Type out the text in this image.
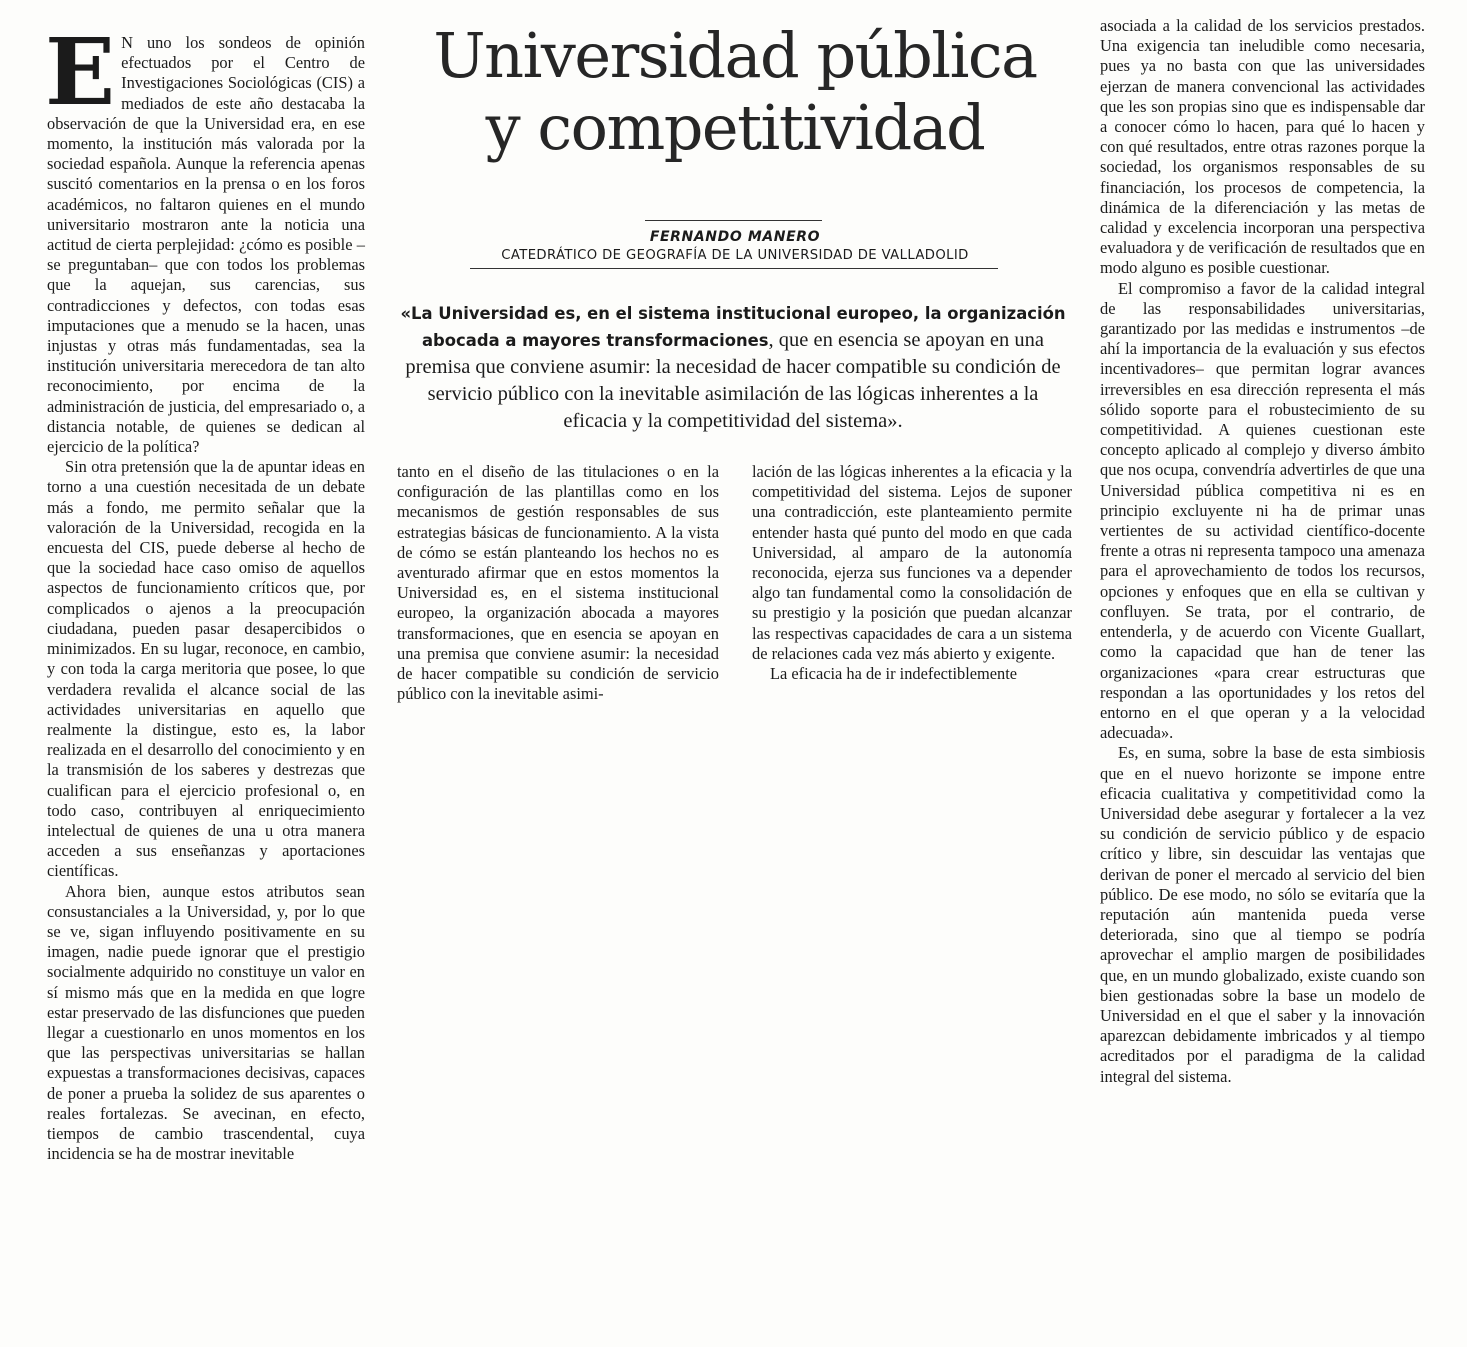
Universidad pública
y competitividad
FERNANDO MANERO
CATEDRÁTICO DE GEOGRAFÍA DE LA UNIVERSIDAD DE VALLADOLID
«La Universidad es, en el sistema institucional europeo, la organización abocada a mayores transformaciones, que en esencia se apoyan en una premisa que conviene asumir: la necesidad de hacer compatible su condición de servicio público con la inevitable asimilación de las lógicas inherentes a la eficacia y la competitividad del sistema».

E N uno los sondeos de opinión efectuados por el Centro de Investigaciones Sociológicas (CIS) a mediados de este año destacaba la observación de que la Universidad era, en ese momento, la institución más valorada por la sociedad española. Aunque la referencia apenas suscitó comentarios en la prensa o en los foros académicos, no faltaron quienes en el mundo universitario mostraron ante la noticia una actitud de cierta perplejidad: ¿cómo es posible –se preguntaban– que con todos los problemas que la aquejan, sus carencias, sus contradicciones y defectos, con todas esas imputaciones que a menudo se la hacen, unas injustas y otras más fundamentadas, sea la institución universitaria merecedora de tan alto reconocimiento, por encima de la administración de justicia, del empresariado o, a distancia notable, de quienes se dedican al ejercicio de la política?

Sin otra pretensión que la de apuntar ideas en torno a una cuestión necesitada de un debate más a fondo, me permito señalar que la valoración de la Universidad, recogida en la encuesta del CIS, puede deberse al hecho de que la sociedad hace caso omiso de aquellos aspectos de funcionamiento críticos que, por complicados o ajenos a la preocupación ciudadana, pueden pasar desapercibidos o minimizados. En su lugar, reconoce, en cambio, y con toda la carga meritoria que posee, lo que verdadera revalida el alcance social de las actividades universitarias en aquello que realmente la distingue, esto es, la labor realizada en el desarrollo del conocimiento y en la transmisión de los saberes y destrezas que cualifican para el ejercicio profesional o, en todo caso, contribuyen al enriquecimiento intelectual de quienes de una u otra manera acceden a sus enseñanzas y aportaciones científicas.

Ahora bien, aunque estos atributos sean consustanciales a la Universidad, y, por lo que se ve, sigan influyendo positivamente en su imagen, nadie puede ignorar que el prestigio socialmente adquirido no constituye un valor en sí mismo más que en la medida en que logre estar preservado de las disfunciones que pueden llegar a cuestionarlo en unos momentos en los que las perspectivas universitarias se hallan expuestas a transformaciones decisivas, capaces de poner a prueba la solidez de sus aparentes o reales fortalezas. Se avecinan, en efecto, tiempos de cambio trascendental, cuya incidencia se ha de mostrar inevitable

tanto en el diseño de las titulaciones o en la configuración de las plantillas como en los mecanismos de gestión responsables de sus estrategias básicas de funcionamiento. A la vista de cómo se están planteando los hechos no es aventurado afirmar que en estos momentos la Universidad es, en el sistema institucional europeo, la organización abocada a mayores transformaciones, que en esencia se apoyan en una premisa que conviene asumir: la necesidad de hacer compatible su condición de servicio público con la inevitable asimi-

lación de las lógicas inherentes a la eficacia y la competitividad del sistema. Lejos de suponer una contradicción, este planteamiento permite entender hasta qué punto del modo en que cada Universidad, al amparo de la autonomía reconocida, ejerza sus funciones va a depender algo tan fundamental como la consolidación de su prestigio y la posición que puedan alcanzar las respectivas capacidades de cara a un sistema de relaciones cada vez más abierto y exigente.

La eficacia ha de ir indefectiblemente

asociada a la calidad de los servicios prestados. Una exigencia tan ineludible como necesaria, pues ya no basta con que las universidades ejerzan de manera convencional las actividades que les son propias sino que es indispensable dar a conocer cómo lo hacen, para qué lo hacen y con qué resultados, entre otras razones porque la sociedad, los organismos responsables de su financiación, los procesos de competencia, la dinámica de la diferenciación y las metas de calidad y excelencia incorporan una perspectiva evaluadora y de verificación de resultados que en modo alguno es posible cuestionar.

El compromiso a favor de la calidad integral de las responsabilidades universitarias, garantizado por las medidas e instrumentos –de ahí la importancia de la evaluación y sus efectos incentivadores– que permitan lograr avances irreversibles en esa dirección representa el más sólido soporte para el robustecimiento de su competitividad. A quienes cuestionan este concepto aplicado al complejo y diverso ámbito que nos ocupa, convendría advertirles de que una Universidad pública competitiva ni es en principio excluyente ni ha de primar unas vertientes de su actividad científico-docente frente a otras ni representa tampoco una amenaza para el aprovechamiento de todos los recursos, opciones y enfoques que en ella se cultivan y confluyen. Se trata, por el contrario, de entenderla, y de acuerdo con Vicente Guallart, como la capacidad que han de tener las organizaciones «para crear estructuras que respondan a las oportunidades y los retos del entorno en el que operan y a la velocidad adecuada».

Es, en suma, sobre la base de esta simbiosis que en el nuevo horizonte se impone entre eficacia cualitativa y competitividad como la Universidad debe asegurar y fortalecer a la vez su condición de servicio público y de espacio crítico y libre, sin descuidar las ventajas que derivan de poner el mercado al servicio del bien público. De ese modo, no sólo se evitaría que la reputación aún mantenida pueda verse deteriorada, sino que al tiempo se podría aprovechar el amplio margen de posibilidades que, en un mundo globalizado, existe cuando son bien gestionadas sobre la base un modelo de Universidad en el que el saber y la innovación aparezcan debidamente imbricados y al tiempo acreditados por el paradigma de la calidad integral del sistema.
